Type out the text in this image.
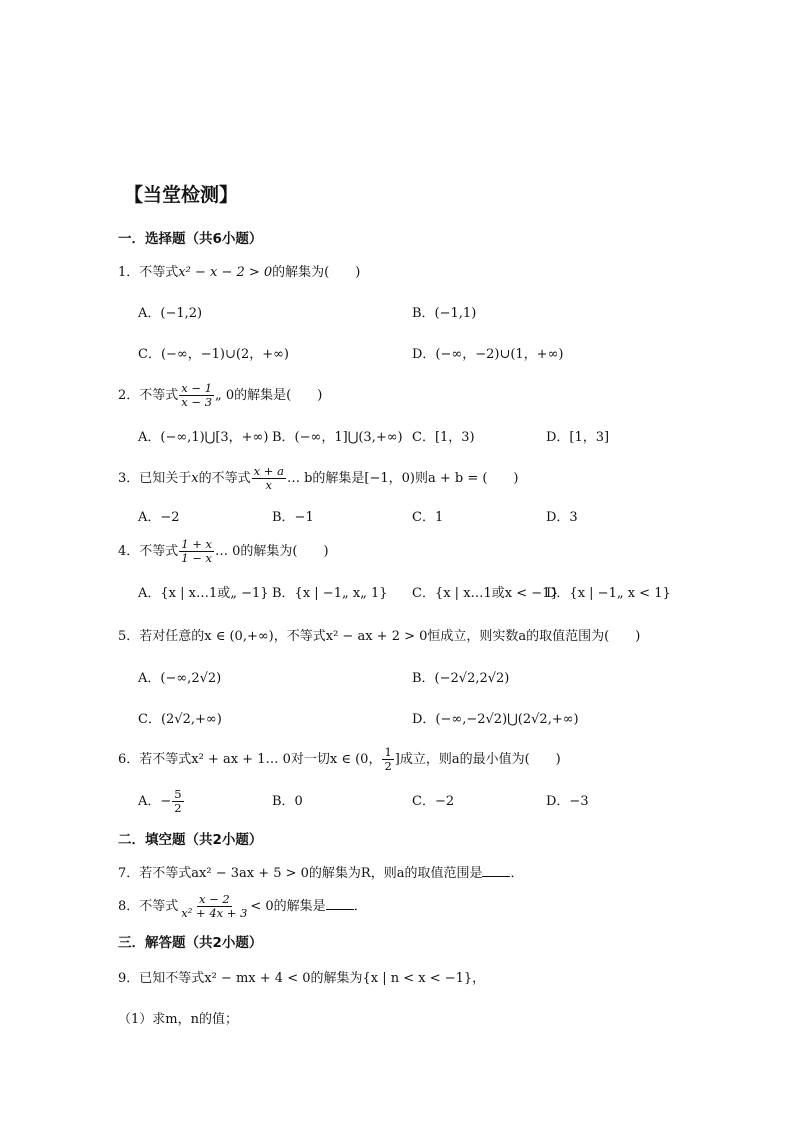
【当堂检测】
一．选择题（共6小题）
1．不等式x² − x − 2 > 0的解集为(　　)
A．(−1,2)	B．(−1,1)
C．(−∞，−1)∪(2，+∞)	D．(−∞，−2)∪(1，+∞)
2．不等式 $\frac{x - 1}{x - 3}$ „ 0的解集是(　　)
A．(−∞,1)⋃[3，+∞) B．(−∞，1]⋃(3,+∞) C．[1，3)	D．[1，3]
3．已知关于x的不等式 $\frac{x + a}{x}$ … b的解集是[−1，0)则a + b = (　　)
A．−2	B．−1	C．1	D．3
4．不等式 $\frac{1 + x}{1 - x}$ … 0的解集为(　　)
A．{x | x…1或„ −1} B．{x | −1„ x„ 1} C．{x | x…1或x < −1}
D．{x | −1„ x < 1}
5．若对任意的x ∈ (0,+∞)，不等式x² − ax + 2 > 0恒成立，则实数a的取值范围为(　　)
A．(−∞,2√2)	B．(−2√2,2√2)
C．(2√2,+∞)	D．(−∞,−2√2)⋃(2√2,+∞)
6．若不等式x² + ax + 1… 0对一切x ∈ (0， $\frac{1}{2}$ ]成立，则a的最小值为(　　)
A．− $\frac{5}{2}$	B．0	C．−2	D．−3
二．填空题（共2小题）
7．若不等式ax² − 3ax + 5 > 0的解集为R，则a的取值范围是 ．
8．不等式 $\frac{x - 2}{\text{x² + 4x + 3}} < 0$的解集是 ．
三．解答题（共2小题）
9．已知不等式x² − mx + 4 < 0的解集为{x | n < x < −1}，
（1）求m，n的值；
